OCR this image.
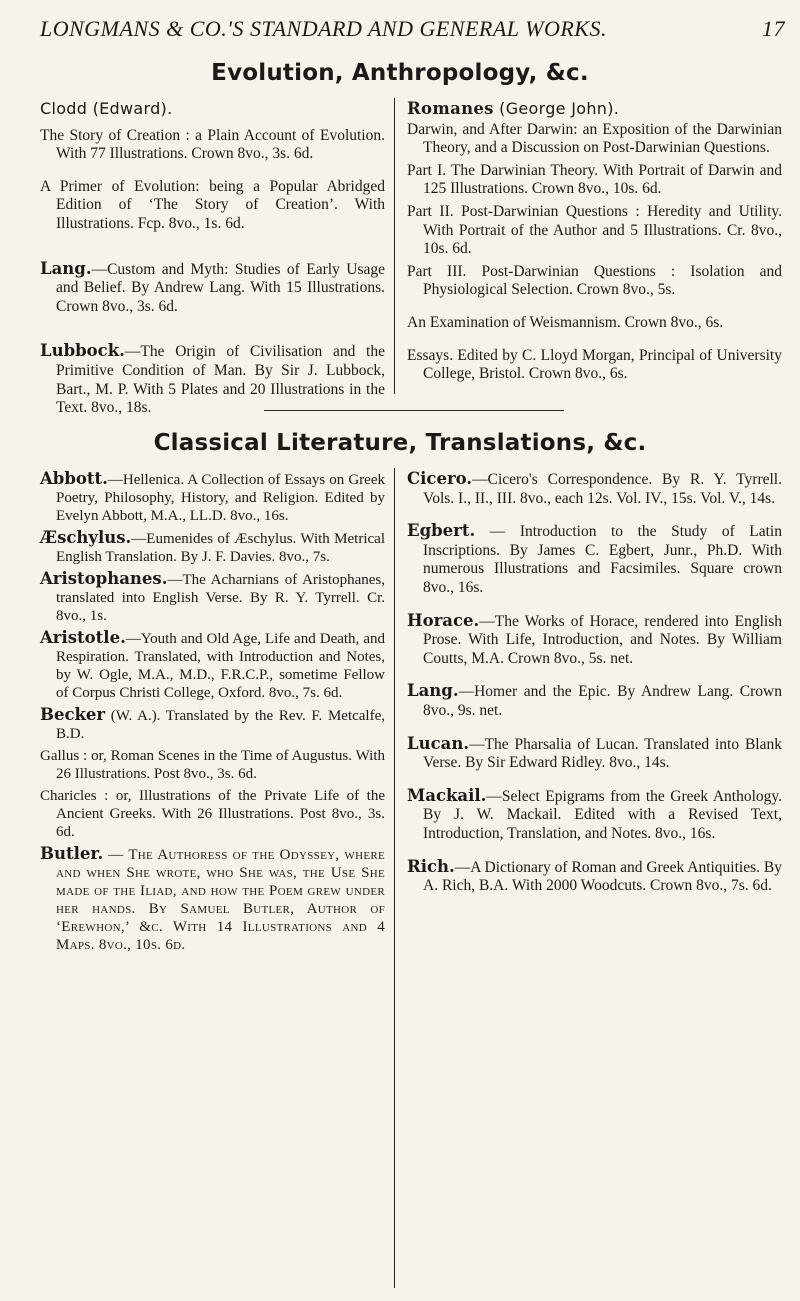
LONGMANS & CO.'S STANDARD AND GENERAL WORKS.	17
Evolution, Anthropology, &c.
Clodd (Edward).
The Story of Creation : a Plain Account of Evolution. With 77 Illustrations. Crown 8vo., 3s. 6d.
A Primer of Evolution: being a Popular Abridged Edition of ‘The Story of Creation’. With Illustrations. Fcp. 8vo., 1s. 6d.
Lang.—Custom and Myth: Studies of Early Usage and Belief. By Andrew Lang. With 15 Illustrations. Crown 8vo., 3s. 6d.
Lubbock.—The Origin of Civilisation and the Primitive Condition of Man. By Sir J. Lubbock, Bart., M. P. With 5 Plates and 20 Illustrations in the Text. 8vo., 18s.
Romanes (George John).
Darwin, and After Darwin: an Exposition of the Darwinian Theory, and a Discussion on Post-Darwinian Questions.
Part I. The Darwinian Theory. With Portrait of Darwin and 125 Illustrations. Crown 8vo., 10s. 6d.
Part II. Post-Darwinian Questions : Heredity and Utility. With Portrait of the Author and 5 Illustrations. Cr. 8vo., 10s. 6d.
Part III. Post-Darwinian Questions : Isolation and Physiological Selection. Crown 8vo., 5s.
An Examination of Weismannism. Crown 8vo., 6s.
Essays. Edited by C. Lloyd Morgan, Principal of University College, Bristol. Crown 8vo., 6s.
Classical Literature, Translations, &c.
Abbott.—Hellenica. A Collection of Essays on Greek Poetry, Philosophy, History, and Religion. Edited by Evelyn Abbott, M.A., LL.D. 8vo., 16s.
Æschylus.—Eumenides of Æschylus. With Metrical English Translation. By J. F. Davies. 8vo., 7s.
Aristophanes.—The Acharnians of Aristophanes, translated into English Verse. By R. Y. Tyrrell. Cr. 8vo., 1s.
Aristotle.—Youth and Old Age, Life and Death, and Respiration. Translated, with Introduction and Notes, by W. Ogle, M.A., M.D., F.R.C.P., sometime Fellow of Corpus Christi College, Oxford. 8vo., 7s. 6d.
Becker (W. A.). Translated by the Rev. F. Metcalfe, B.D.
Gallus : or, Roman Scenes in the Time of Augustus. With 26 Illustrations. Post 8vo., 3s. 6d.
Charicles : or, Illustrations of the Private Life of the Ancient Greeks. With 26 Illustrations. Post 8vo., 3s. 6d.
Butler. — The Authoress of the Odyssey, where and when She wrote, who She was, the Use She made of the Iliad, and how the Poem grew under her hands. By Samuel Butler, Author of ‘Erewhon,’ &c. With 14 Illustrations and 4 Maps. 8vo., 10s. 6d.
Cicero.—Cicero's Correspondence. By R. Y. Tyrrell. Vols. I., II., III. 8vo., each 12s. Vol. IV., 15s. Vol. V., 14s.
Egbert. — Introduction to the Study of Latin Inscriptions. By James C. Egbert, Junr., Ph.D. With numerous Illustrations and Facsimiles. Square crown 8vo., 16s.
Horace.—The Works of Horace, rendered into English Prose. With Life, Introduction, and Notes. By William Coutts, M.A. Crown 8vo., 5s. net.
Lang.—Homer and the Epic. By Andrew Lang. Crown 8vo., 9s. net.
Lucan.—The Pharsalia of Lucan. Translated into Blank Verse. By Sir Edward Ridley. 8vo., 14s.
Mackail.—Select Epigrams from the Greek Anthology. By J. W. Mackail. Edited with a Revised Text, Introduction, Translation, and Notes. 8vo., 16s.
Rich.—A Dictionary of Roman and Greek Antiquities. By A. Rich, B.A. With 2000 Woodcuts. Crown 8vo., 7s. 6d.
